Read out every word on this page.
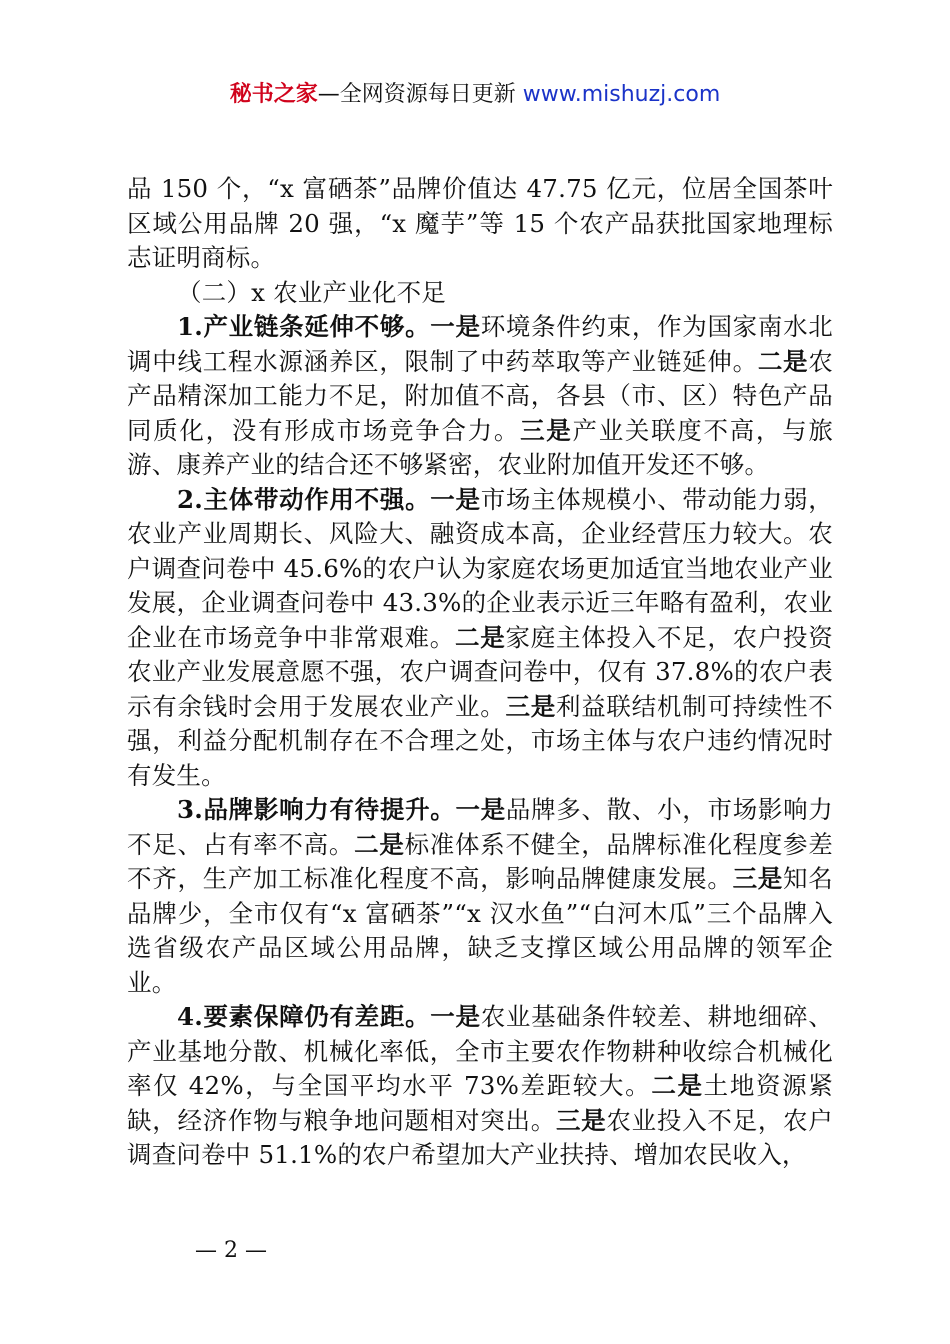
秘书之家—全网资源每日更新 www.mishuzj.com

品 150 个，“x 富硒茶”品牌价值达 47.75 亿元，位居全国茶叶区域公用品牌 20 强，“x 魔芋”等 15 个农产品获批国家地理标志证明商标。

（二）x 农业产业化不足

1.产业链条延伸不够。一是环境条件约束，作为国家南水北调中线工程水源涵养区，限制了中药萃取等产业链延伸。二是农产品精深加工能力不足，附加值不高，各县（市、区）特色产品同质化，没有形成市场竞争合力。三是产业关联度不高，与旅游、康养产业的结合还不够紧密，农业附加值开发还不够。

2.主体带动作用不强。一是市场主体规模小、带动能力弱，农业产业周期长、风险大、融资成本高，企业经营压力较大。农户调查问卷中 45.6%的农户认为家庭农场更加适宜当地农业产业发展，企业调查问卷中 43.3%的企业表示近三年略有盈利，农业企业在市场竞争中非常艰难。二是家庭主体投入不足，农户投资农业产业发展意愿不强，农户调查问卷中，仅有 37.8%的农户表示有余钱时会用于发展农业产业。三是利益联结机制可持续性不强，利益分配机制存在不合理之处，市场主体与农户违约情况时有发生。

3.品牌影响力有待提升。一是品牌多、散、小，市场影响力不足、占有率不高。二是标准体系不健全，品牌标准化程度参差不齐，生产加工标准化程度不高，影响品牌健康发展。三是知名品牌少，全市仅有“x 富硒茶”“x 汉水鱼”“白河木瓜”三个品牌入选省级农产品区域公用品牌，缺乏支撑区域公用品牌的领军企业。

4.要素保障仍有差距。一是农业基础条件较差、耕地细碎、产业基地分散、机械化率低，全市主要农作物耕种收综合机械化率仅 42%，与全国平均水平 73%差距较大。二是土地资源紧缺，经济作物与粮争地问题相对突出。三是农业投入不足，农户调查问卷中 51.1%的农户希望加大产业扶持、增加农民收入，

— 2 —
